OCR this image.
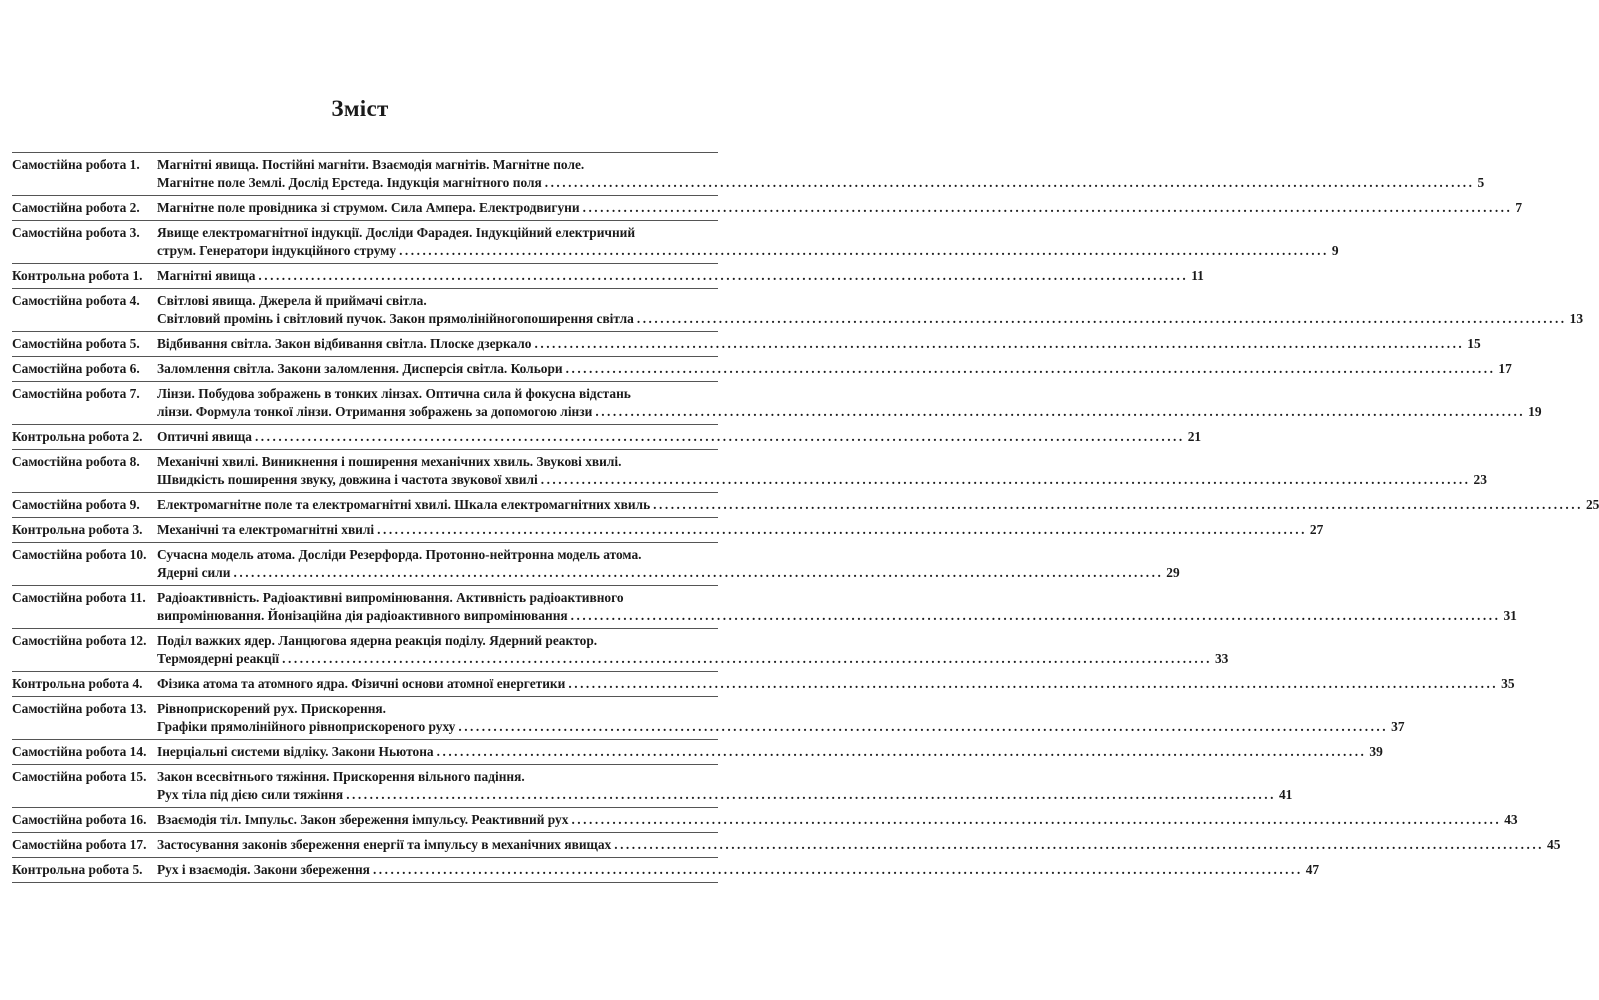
Зміст
Самостійна робота 1.	Магнітні явища. Постійні магніти. Взаємодія магнітів. Магнітне поле.
Магнітне поле Землі. Дослід Ерстеда. Індукція магнітного поля .....	5
Самостійна робота 2.	Магнітне поле провідника зі струмом. Сила Ампера. Електродвигуни .....	7
Самостійна робота 3.	Явище електромагнітної індукції. Досліди Фарадея. Індукційний електричний
струм. Генератори індукційного струму .....	9
Контрольна робота 1.	Магнітні явища .....	11
Самостійна робота 4.	Світлові явища. Джерела й приймачі світла.
Світловий промінь і світловий пучок. Закон прямолінійногопоширення світла .....	13
Самостійна робота 5.	Відбивання світла. Закон відбивання світла. Плоске дзеркало .....	15
Самостійна робота 6.	Заломлення світла. Закони заломлення. Дисперсія світла. Кольори .....	17
Самостійна робота 7.	Лінзи. Побудова зображень в тонких лінзах. Оптична сила й фокусна відстань
лінзи. Формула тонкої лінзи. Отримання зображень за допомогою лінзи .....	19
Контрольна робота 2.	Оптичні явища .....	21
Самостійна робота 8.	Механічні хвилі. Виникнення і поширення механічних хвиль. Звукові хвилі.
Швидкість поширення звуку, довжина і частота звукової хвилі .....	23
Самостійна робота 9.	Електромагнітне поле та електромагнітні хвилі. Шкала електромагнітних хвиль .....	25
Контрольна робота 3.	Механічні та електромагнітні хвилі .....	27
Самостійна робота 10. Сучасна модель атома. Досліди Резерфорда. Протонно-нейтронна модель атома.
Ядерні сили .....	29
Самостійна робота 11. Радіоактивність. Радіоактивні випромінювання. Активність радіоактивного
випромінювання. Йонізаційна дія радіоактивного випромінювання .....	31
Самостійна робота 12. Поділ важких ядер. Ланцюгова ядерна реакція поділу. Ядерний реактор.
Термоядерні реакції .....	33
Контрольна робота 4.	Фізика атома та атомного ядра. Фізичні основи атомної енергетики .....	35
Самостійна робота 13. Рівноприскорений рух. Прискорення.
Графіки прямолінійного рівноприскореного руху .....	37
Самостійна робота 14. Інерціальні системи відліку. Закони Ньютона .....	39
Самостійна робота 15. Закон всесвітнього тяжіння. Прискорення вільного падіння.
Рух тіла під дією сили тяжіння .....	41
Самостійна робота 16. Взаємодія тіл. Імпульс. Закон збереження імпульсу. Реактивний рух .....	43
Самостійна робота 17. Застосування законів збереження енергії та імпульсу в механічних явищах .....	45
Контрольна робота 5.	Рух і взаємодія. Закони збереження .....	47
